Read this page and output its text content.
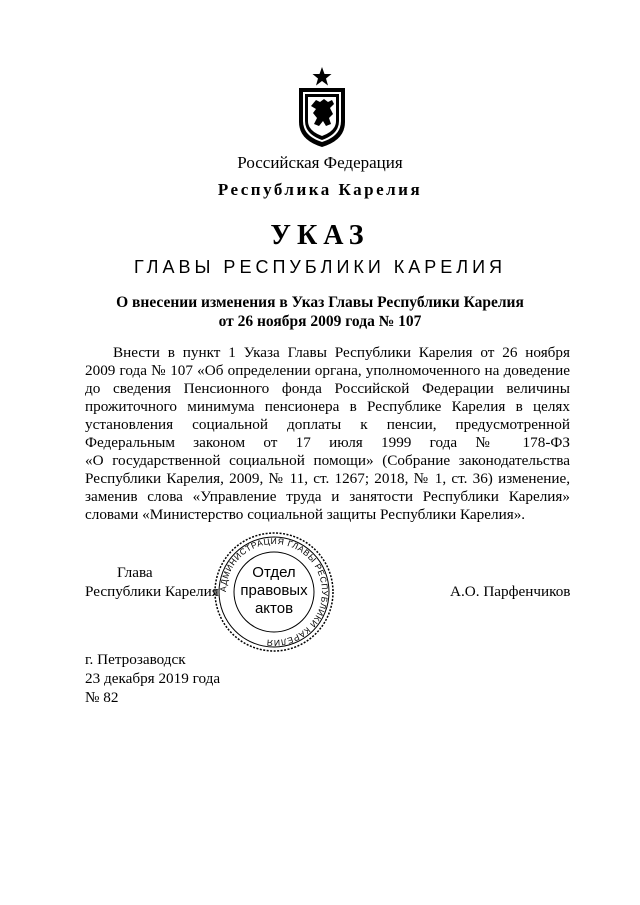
Российская Федерация
Республика Карелия
УКАЗ
ГЛАВЫ РЕСПУБЛИКИ КАРЕЛИЯ
О внесении изменения в Указ Главы Республики Карелия
от 26 ноября 2009 года № 107
Внести в пункт 1 Указа Главы Республики Карелия от 26 ноября
2009 года № 107 «Об определении органа, уполномоченного на доведение
до сведения Пенсионного фонда Российской Федерации величины
прожиточного минимума пенсионера в Республике Карелия в целях
установления социальной доплаты к пенсии, предусмотренной
Федеральным законом от 17 июля 1999 года № 178-ФЗ
«О государственной социальной помощи» (Собрание законодательства
Республики Карелия, 2009, № 11, ст. 1267; 2018, № 1, ст. 36) изменение,
заменив слова «Управление труда и занятости Республики Карелия»
словами «Министерство социальной защиты Республики Карелия».
Глава
Республики Карелия	А.О. Парфенчиков
АДМИНИСТРАЦИЯ ГЛАВЫ РЕСПУБЛИКИ КАРЕЛИЯ
Отдел
правовых
актов
г. Петрозаводск
23 декабря 2019 года
№ 82
